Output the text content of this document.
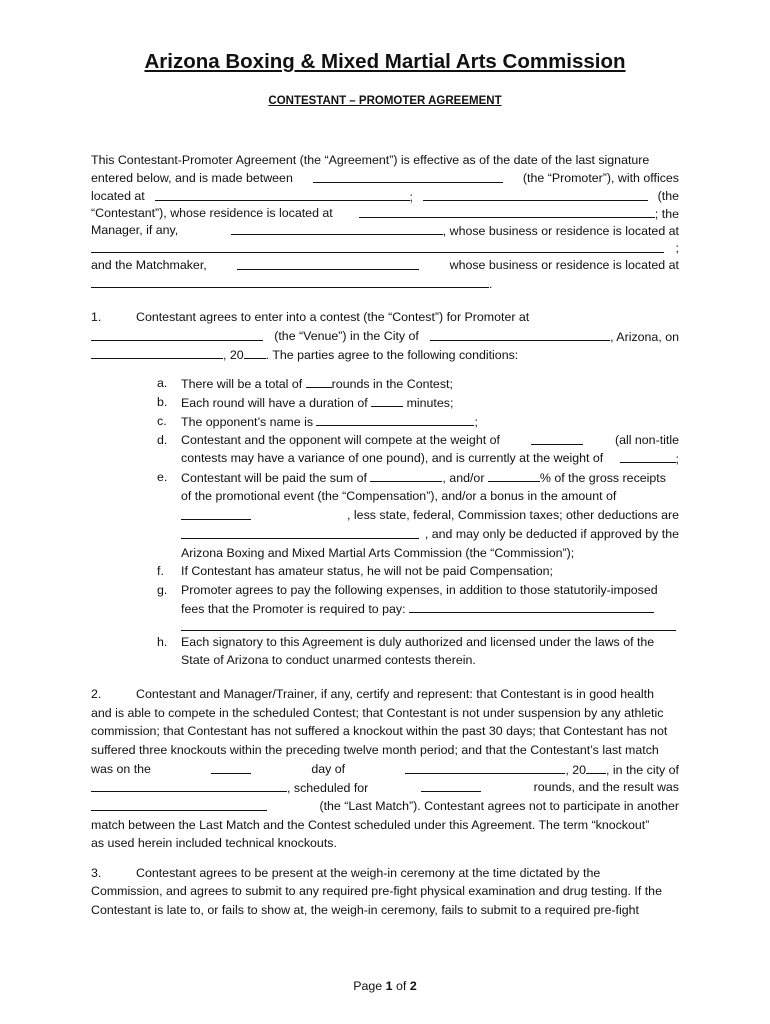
Arizona Boxing & Mixed Martial Arts Commission
CONTESTANT – PROMOTER AGREEMENT
This Contestant-Promoter Agreement (the “Agreement”) is effective as of the date of the last signature
entered below, and is made between	(the “Promoter”), with offices
located at	;	(the
“Contestant”), whose residence is located at	; the
Manager, if any,	, whose business or residence is located at
;
and the Matchmaker,	whose business or residence is located at
.
1.	Contestant agrees to enter into a contest (the “Contest”) for Promoter at
(the “Venue”) in the City of	, Arizona, on
, 20 . The parties agree to the following conditions:
a. There will be a total of rounds in the Contest;
b. Each round will have a duration of	minutes;
c. The opponent’s name is	;
d. Contestant and the opponent will compete at the weight of	(all non-title
contests may have a variance of one pound), and is currently at the weight of	;
e. Contestant will be paid the sum of	, and/or	% of the gross receipts
of the promotional event (the “Compensation”), and/or a bonus in the amount of
, less state, federal, Commission taxes; other deductions are
, and may only be deducted if approved by the
Arizona Boxing and Mixed Martial Arts Commission (the “Commission”);
f. If Contestant has amateur status, he will not be paid Compensation;
g. Promoter agrees to pay the following expenses, in addition to those statutorily-imposed
fees that the Promoter is required to pay:
h. Each signatory to this Agreement is duly authorized and licensed under the laws of the
State of Arizona to conduct unarmed contests therein.
2.	Contestant and Manager/Trainer, if any, certify and represent: that Contestant is in good health
and is able to compete in the scheduled Contest; that Contestant is not under suspension by any athletic
commission; that Contestant has not suffered a knockout within the past 30 days; that Contestant has not
suffered three knockouts within the preceding twelve month period; and that the Contestant’s last match
was on the	day of	, 20 , in the city of
, scheduled for	rounds, and the result was
(the “Last Match”). Contestant agrees not to participate in another
match between the Last Match and the Contest scheduled under this Agreement. The term “knockout”
as used herein included technical knockouts.
3.	Contestant agrees to be present at the weigh-in ceremony at the time dictated by the
Commission, and agrees to submit to any required pre-fight physical examination and drug testing. If the
Contestant is late to, or fails to show at, the weigh-in ceremony, fails to submit to a required pre-fight
Page 1 of 2
